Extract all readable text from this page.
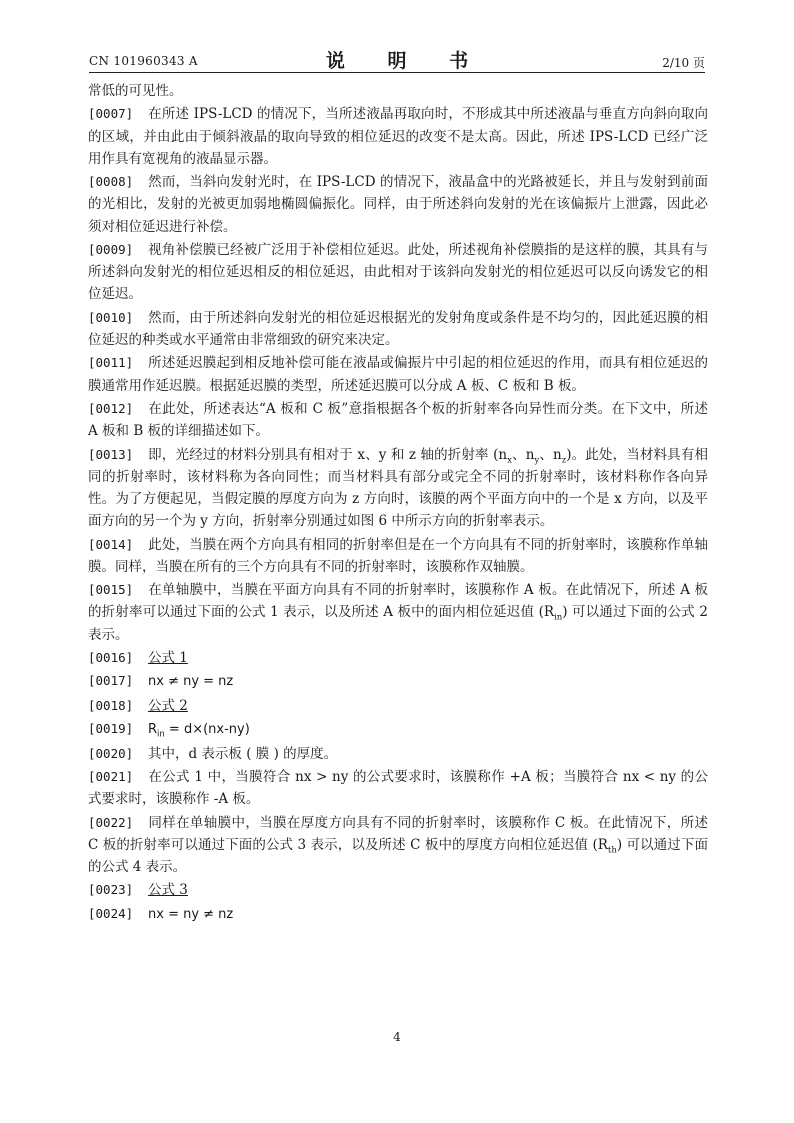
CN 101960343 A	说 明 书	2/10 页

常低的可见性。

[0007] 在所述 IPS-LCD 的情况下，当所述液晶再取向时，不形成其中所述液晶与垂直方向斜向取向的区域，并由此由于倾斜液晶的取向导致的相位延迟的改变不是太高。因此，所述 IPS-LCD 已经广泛用作具有宽视角的液晶显示器。

[0008] 然而，当斜向发射光时，在 IPS-LCD 的情况下，液晶盒中的光路被延长，并且与发射到前面的光相比，发射的光被更加弱地椭圆偏振化。同样，由于所述斜向发射的光在该偏振片上泄露，因此必须对相位延迟进行补偿。

[0009] 视角补偿膜已经被广泛用于补偿相位延迟。此处，所述视角补偿膜指的是这样的膜，其具有与所述斜向发射光的相位延迟相反的相位延迟，由此相对于该斜向发射光的相位延迟可以反向诱发它的相位延迟。

[0010] 然而，由于所述斜向发射光的相位延迟根据光的发射角度或条件是不均匀的，因此延迟膜的相位延迟的种类或水平通常由非常细致的研究来决定。

[0011] 所述延迟膜起到相反地补偿可能在液晶或偏振片中引起的相位延迟的作用，而具有相位延迟的膜通常用作延迟膜。根据延迟膜的类型，所述延迟膜可以分成 A 板、C 板和 B 板。

[0012] 在此处，所述表达“A 板和 C 板”意指根据各个板的折射率各向异性而分类。在下文中，所述 A 板和 B 板的详细描述如下。

[0013] 即，光经过的材料分别具有相对于 x、y 和 z 轴的折射率 ($n_x$、$n_y$、$n_z$)。此处，当材料具有相同的折射率时，该材料称为各向同性；而当材料具有部分或完全不同的折射率时，该材料称作各向异性。为了方便起见，当假定膜的厚度方向为 z 方向时，该膜的两个平面方向中的一个是 x 方向，以及平面方向的另一个为 y 方向，折射率分别通过如图 6 中所示方向的折射率表示。

[0014] 此处，当膜在两个方向具有相同的折射率但是在一个方向具有不同的折射率时，该膜称作单轴膜。同样，当膜在所有的三个方向具有不同的折射率时，该膜称作双轴膜。

[0015] 在单轴膜中，当膜在平面方向具有不同的折射率时，该膜称作 A 板。在此情况下，所述 A 板的折射率可以通过下面的公式 1 表示，以及所述 A 板中的面内相位延迟值 $(R_{in})$ 可以通过下面的公式 2 表示。

[0016] 公式 1

[0017] nx ≠ ny = nz

[0018] 公式 2

[0019] $R_{in} = d\times(nx-ny)$

[0020] 其中，d 表示板 ( 膜 ) 的厚度。

[0021] 在公式 1 中，当膜符合 nx > ny 的公式要求时，该膜称作 +A 板；当膜符合 nx < ny 的公式要求时，该膜称作 -A 板。

[0022] 同样在单轴膜中，当膜在厚度方向具有不同的折射率时，该膜称作 C 板。在此情况下，所述 C 板的折射率可以通过下面的公式 3 表示，以及所述 C 板中的厚度方向相位延迟值 $(R_{th})$ 可以通过下面的公式 4 表示。

[0023] 公式 3

[0024] nx = ny ≠ nz

4
